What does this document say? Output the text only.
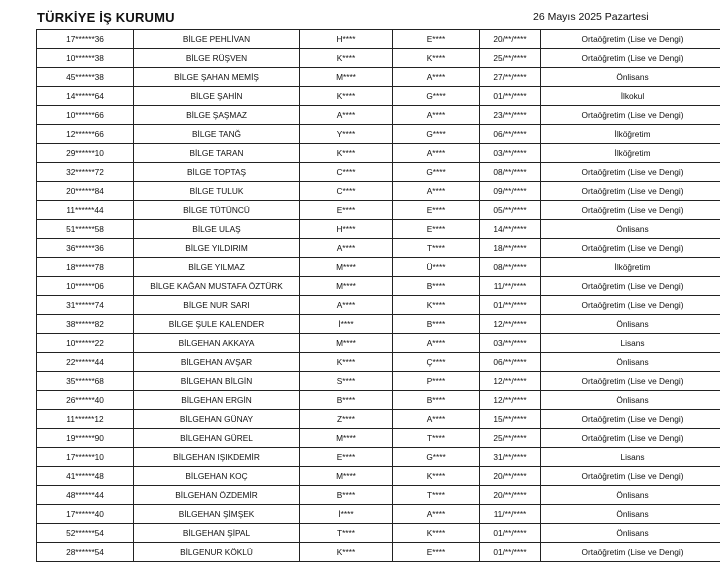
TÜRKİYE İŞ KURUMU	26 Mayıs 2025 Pazartesi
17******36	BİLGE PEHLİVAN	H****	E****	20/**/****	Ortaöğretim (Lise ve Dengi)
10******38	BİLGE RÜŞVEN	K****	K****	25/**/****	Ortaöğretim (Lise ve Dengi)
45******38	BİLGE ŞAHAN MEMİŞ	M****	A****	27/**/****	Önlisans
14******64	BİLGE ŞAHİN	K****	G****	01/**/****	İlkokul
10******66	BİLGE ŞAŞMAZ	A****	A****	23/**/****	Ortaöğretim (Lise ve Dengi)
12******66	BİLGE TANĞ	Y****	G****	06/**/****	İlköğretim
29******10	BİLGE TARAN	K****	A****	03/**/****	İlköğretim
32******72	BİLGE TOPTAŞ	C****	G****	08/**/****	Ortaöğretim (Lise ve Dengi)
20******84	BİLGE TULUK	C****	A****	09/**/****	Ortaöğretim (Lise ve Dengi)
11******44	BİLGE TÜTÜNCÜ	E****	E****	05/**/****	Ortaöğretim (Lise ve Dengi)
51******58	BİLGE ULAŞ	H****	E****	14/**/****	Önlisans
36******36	BİLGE YILDIRIM	A****	T****	18/**/****	Ortaöğretim (Lise ve Dengi)
18******78	BİLGE YILMAZ	M****	Ü****	08/**/****	İlköğretim
10******06	BİLGE KAĞAN MUSTAFA ÖZTÜRK	M****	B****	11/**/****	Ortaöğretim (Lise ve Dengi)
31******74	BİLGE NUR SARI	A****	K****	01/**/****	Ortaöğretim (Lise ve Dengi)
38******82	BİLGE ŞULE KALENDER	İ****	B****	12/**/****	Önlisans
10******22	BİLGEHAN AKKAYA	M****	A****	03/**/****	Lisans
22******44	BİLGEHAN AVŞAR	K****	Ç****	06/**/****	Önlisans
35******68	BİLGEHAN BİLGİN	S****	P****	12/**/****	Ortaöğretim (Lise ve Dengi)
26******40	BİLGEHAN ERGİN	B****	B****	12/**/****	Önlisans
11******12	BİLGEHAN GÜNAY	Z****	A****	15/**/****	Ortaöğretim (Lise ve Dengi)
19******90	BİLGEHAN GÜREL	M****	T****	25/**/****	Ortaöğretim (Lise ve Dengi)
17******10	BİLGEHAN IŞIKDEMİR	E****	G****	31/**/****	Lisans
41******48	BİLGEHAN KOÇ	M****	K****	20/**/****	Ortaöğretim (Lise ve Dengi)
48******44	BİLGEHAN ÖZDEMİR	B****	T****	20/**/****	Önlisans
17******40	BİLGEHAN ŞİMŞEK	İ****	A****	11/**/****	Önlisans
52******54	BİLGEHAN ŞİPAL	T****	K****	01/**/****	Önlisans
28******54	BİLGENUR KÖKLÜ	K****	E****	01/**/****	Ortaöğretim (Lise ve Dengi)
